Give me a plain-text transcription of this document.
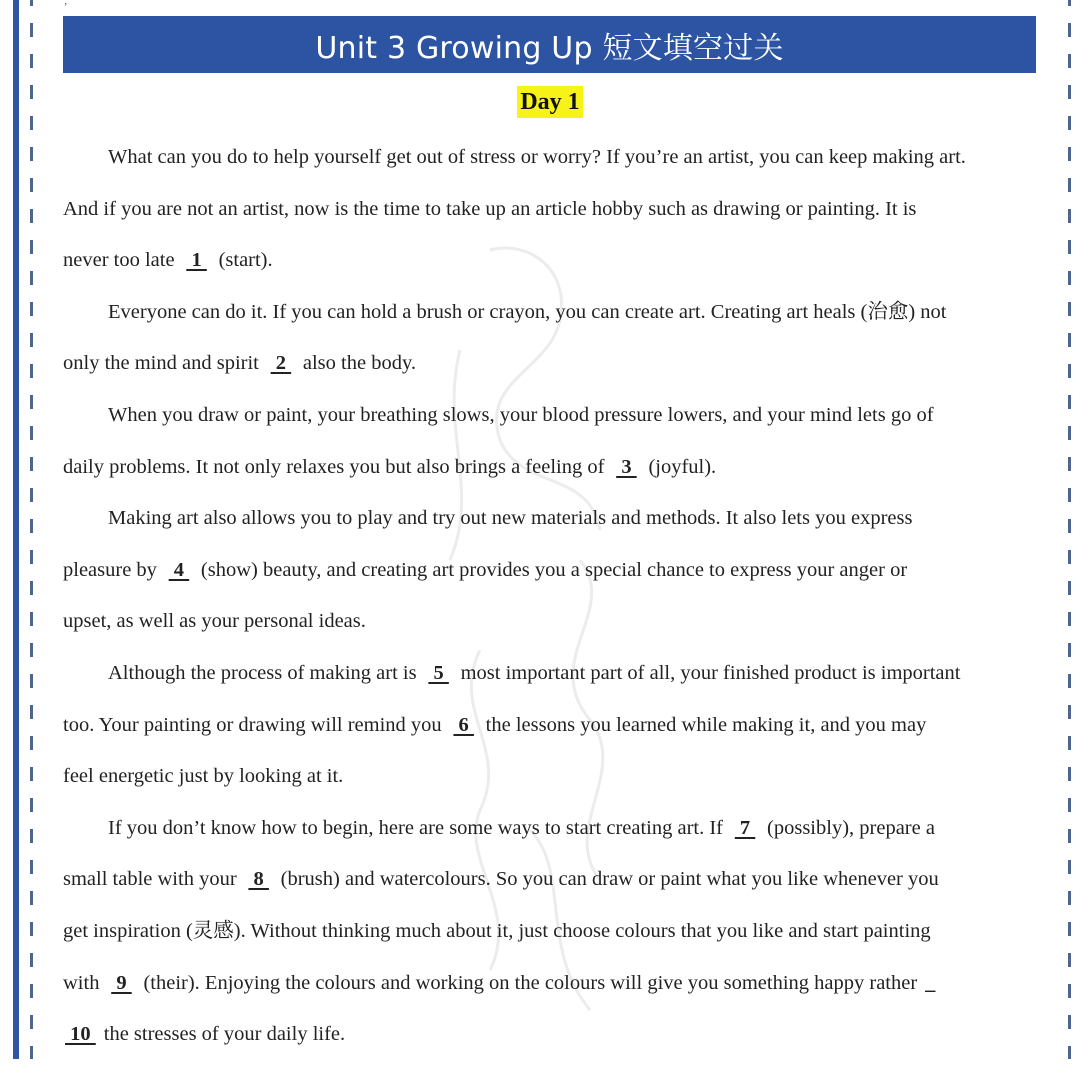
’
Unit 3 Growing Up 短文填空过关
Day 1
What can you do to help yourself get out of stress or worry? If you’re an artist, you can keep making art.
And if you are not an artist, now is the time to take up an article hobby such as drawing or painting. It is
never too late 1 (start).
Everyone can do it. If you can hold a brush or crayon, you can create art. Creating art heals (治愈) not
only the mind and spirit 2 also the body.
When you draw or paint, your breathing slows, your blood pressure lowers, and your mind lets go of
daily problems. It not only relaxes you but also brings a feeling of 3 (joyful).
Making art also allows you to play and try out new materials and methods. It also lets you express
pleasure by 4 (show) beauty, and creating art provides you a special chance to express your anger or
upset, as well as your personal ideas.
Although the process of making art is 5 most important part of all, your finished product is important
too. Your painting or drawing will remind you 6 the lessons you learned while making it, and you may
feel energetic just by looking at it.
If you don’t know how to begin, here are some ways to start creating art. If 7 (possibly), prepare a
small table with your 8 (brush) and watercolours. So you can draw or paint what you like whenever you
get inspiration (灵感). Without thinking much about it, just choose colours that you like and start painting
with 9 (their). Enjoying the colours and working on the colours will give you something happy rather _
10 the stresses of your daily life.
